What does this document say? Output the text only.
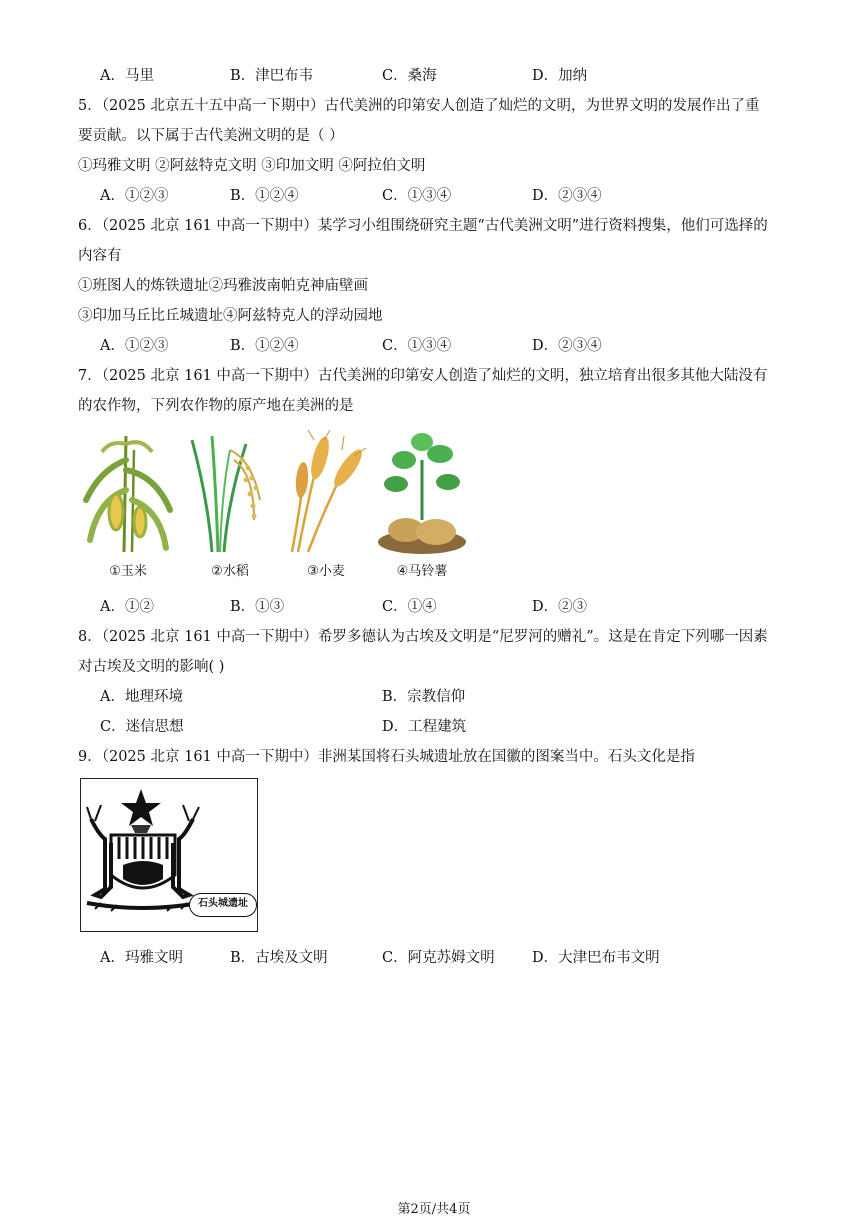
A．马里	B．津巴布韦	C．桑海	D．加纳
5．（2025 北京五十五中高一下期中）古代美洲的印第安人创造了灿烂的文明，为世界文明的发展作出了重
要贡献。以下属于古代美洲文明的是（ ）
①玛雅文明 ②阿兹特克文明 ③印加文明 ④阿拉伯文明
A．①②③	B．①②④	C．①③④	D．②③④
6．（2025 北京 161 中高一下期中）某学习小组围绕研究主题“古代美洲文明”进行资料搜集，他们可选择的
内容有
①班图人的炼铁遗址②玛雅波南帕克神庙壁画
③印加马丘比丘城遗址④阿兹特克人的浮动园地
A．①②③	B．①②④	C．①③④	D．②③④
7．（2025 北京 161 中高一下期中）古代美洲的印第安人创造了灿烂的文明，独立培育出很多其他大陆没有
的农作物，下列农作物的原产地在美洲的是
①玉米	②水稻	③小麦	④马铃薯
A．①②	B．①③	C．①④	D．②③
8．（2025 北京 161 中高一下期中）希罗多德认为古埃及文明是“尼罗河的赠礼”。这是在肯定下列哪一因素
对古埃及文明的影响( )
A．地理环境	B．宗教信仰
C．迷信思想	D．工程建筑
9．（2025 北京 161 中高一下期中）非洲某国将石头城遗址放在国徽的图案当中。石头文化是指
石头城遗址
A．玛雅文明	B．古埃及文明	C．阿克苏姆文明	D．大津巴布韦文明
第2页/共4页
